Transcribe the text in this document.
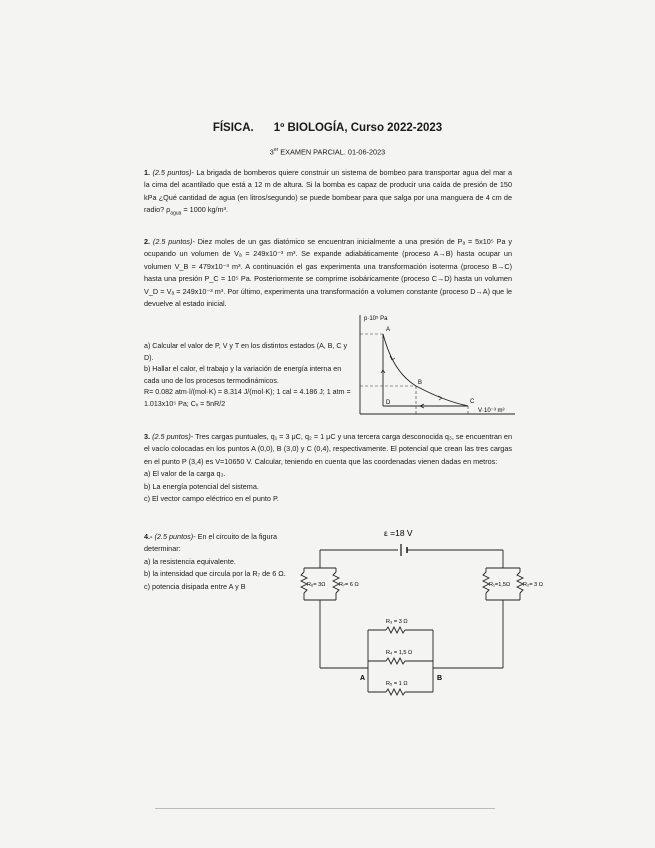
FÍSICA. 1º BIOLOGÍA, Curso 2022-2023
3er EXAMEN PARCIAL. 01-06-2023
1. (2.5 puntos)- La brigada de bomberos quiere construir un sistema de bombeo para transportar agua del mar a la cima del acantilado que está a 12 m de altura. Si la bomba es capaz de producir una caída de presión de 150 kPa ¿Qué cantidad de agua (en litros/segundo) se puede bombear para que salga por una manguera de 4 cm de radio? $\rho_{agua} = 1000$ kg/m³.
2. (2.5 puntos)- Diez moles de un gas diatómico se encuentran inicialmente a una presión de Pₐ = 5x10⁵ Pa y ocupando un volumen de Vₐ = 249x10⁻³ m³. Se expande adiabáticamente (proceso A→B) hasta ocupar un volumen V_B = 479x10⁻³ m³. A continuación el gas experimenta una transformación isoterma (proceso B→C) hasta una presión P_C = 10⁵ Pa. Posteriormente se comprime isobáricamente (proceso C→D) hasta un volumen V_D = Vₐ = 249x10⁻³ m³. Por último, experimenta una transformación a volumen constante (proceso D→A) que le devuelve al estado inicial.
a) Calcular el valor de P, V y T en los distintos estados (A, B, C y D).
b) Hallar el calor, el trabajo y la variación de energía interna en cada uno de los procesos termodinámicos.
R= 0.082 atm·l/(mol·K) = 8.314 J/(mol·K); 1 cal = 4.186 J; 1 atm = 1.013x10⁵ Pa; Cᵥ = 5nR/2
p·10⁵ Pa
V·10⁻³ m³
A
B
C
D
3. (2.5 puntos)- Tres cargas puntuales, q₁ = 3 μC, q₂ = 1 μC y una tercera carga desconocida q₃, se encuentran en el vacío colocadas en los puntos A (0,0), B (3,0) y C (0,4), respectivamente. El potencial que crean las tres cargas en el punto P (3,4) es V=10650 V. Calcular, teniendo en cuenta que las coordenadas vienen dadas en metros:
a) El valor de la carga q₃.
b) La energía potencial del sistema.
c) El vector campo eléctrico en el punto P.
4.- (2.5 puntos)- En el circuito de la figura determinar:
a) la resistencia equivalente.
b) la intensidad que circula por la R₇ de 6 Ω.
c) potencia disipada entre A y B
ε =18 V
R₆= 3Ω R₇= 6 Ω	R₁=1,5Ω R₂= 3 Ω
R₃ = 3 Ω
R₄ = 1,5 Ω
R₅ = 1 Ω
A	B
